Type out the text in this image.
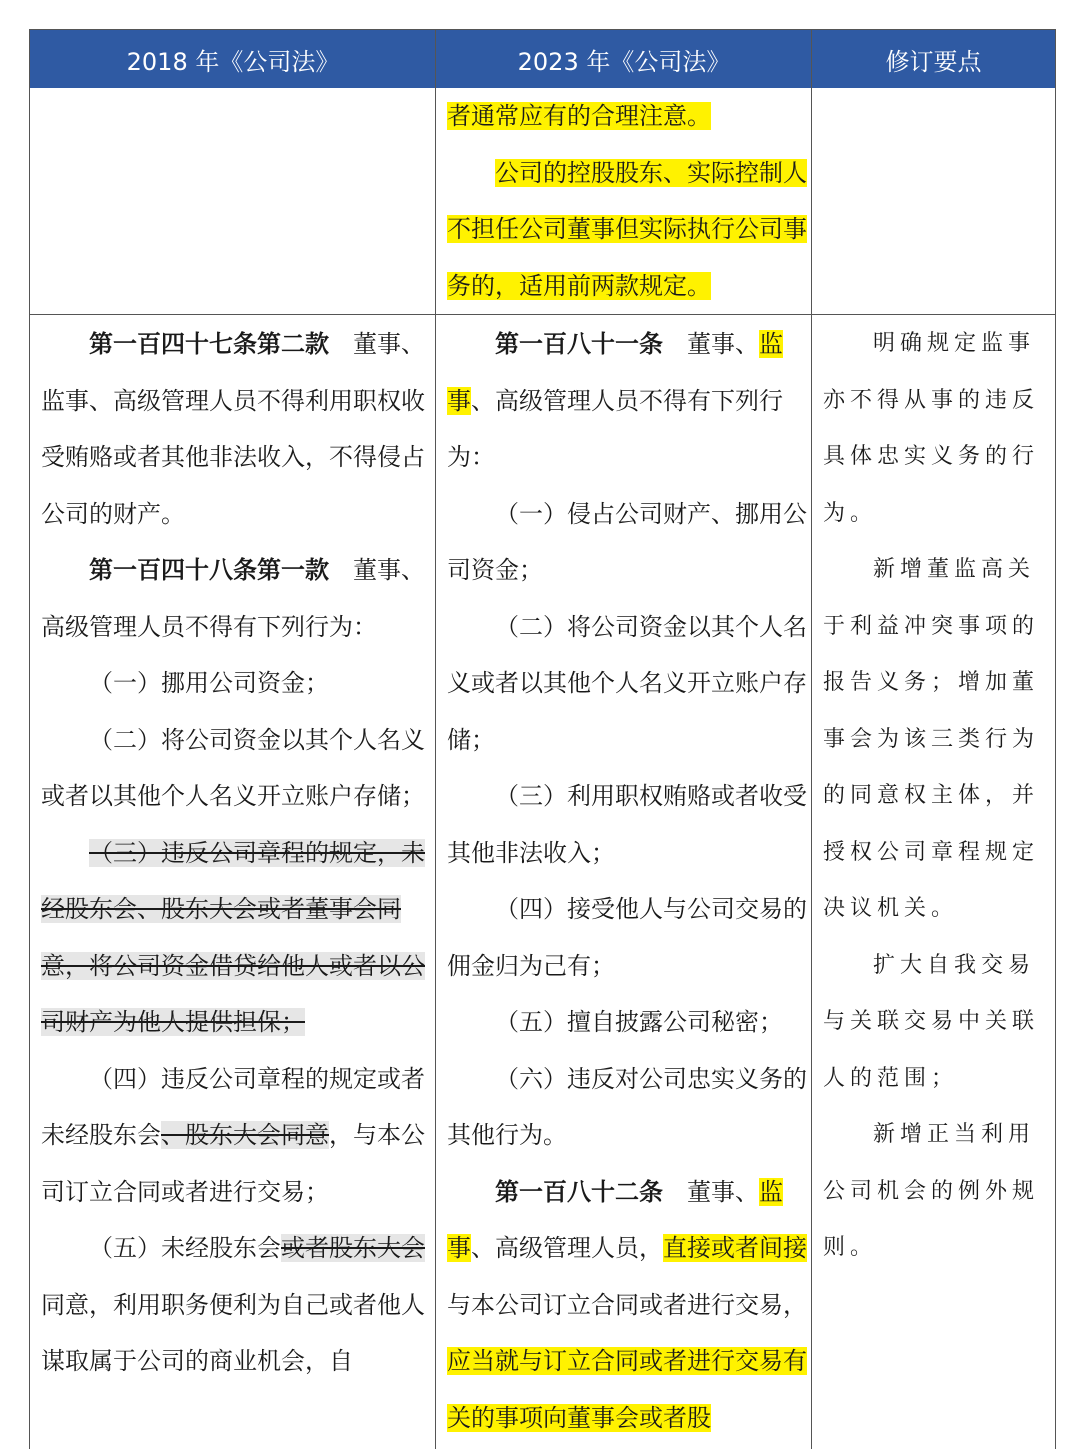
2018 年《公司法》	2023 年《公司法》	修订要点

者通常应有的合理注意。

公司的控股股东、实际控制人不担任公司董事但实际执行公司事务的，适用前两款规定。

第一百四十七条第二款  董事、监事、高级管理人员不得利用职权收受贿赂或者其他非法收入，不得侵占公司的财产。

第一百四十八条第一款  董事、高级管理人员不得有下列行为：

（一）挪用公司资金；

（二）将公司资金以其个人名义或者以其他个人名义开立账户存储；

（三）违反公司章程的规定，未经股东会、股东大会或者董事会同意，将公司资金借贷给他人或者以公司财产为他人提供担保；

（四）违反公司章程的规定或者未经股东会、股东大会同意，与本公司订立合同或者进行交易；

（五）未经股东会或者股东大会同意，利用职务便利为自己或者他人谋取属于公司的商业机会，自

第一百八十一条  董事、监事、高级管理人员不得有下列行为：

（一）侵占公司财产、挪用公司资金；

（二）将公司资金以其个人名义或者以其他个人名义开立账户存储；

（三）利用职权贿赂或者收受其他非法收入；

（四）接受他人与公司交易的佣金归为己有；

（五）擅自披露公司秘密；

（六）违反对公司忠实义务的其他行为。

第一百八十二条  董事、监事、高级管理人员，直接或者间接与本公司订立合同或者进行交易，应当就与订立合同或者进行交易有关的事项向董事会或者股

明确规定监事亦不得从事的违反具体忠实义务的行为。

新增董监高关于利益冲突事项的报告义务；增加董事会为该三类行为的同意权主体，并授权公司章程规定决议机关。

扩大自我交易与关联交易中关联人的范围；

新增正当利用公司机会的例外规则。
